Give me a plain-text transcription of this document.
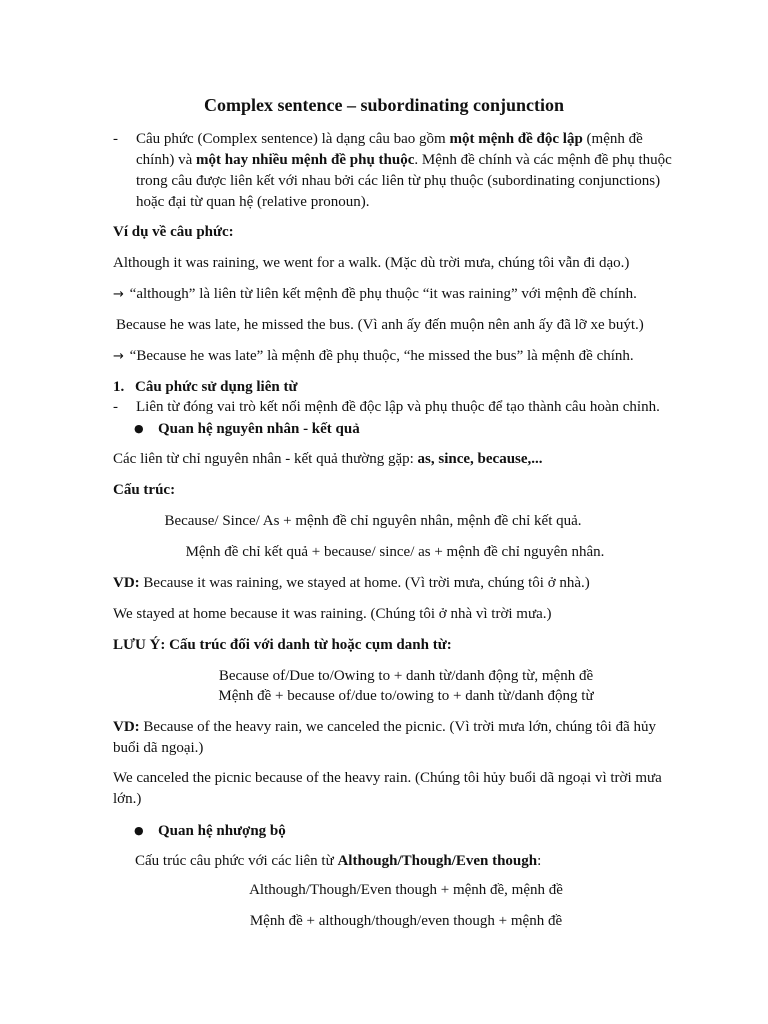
Complex sentence – subordinating conjunction
- Câu phức (Complex sentence) là dạng câu bao gồm một mệnh đề độc lập (mệnh đề chính) và một hay nhiều mệnh đề phụ thuộc. Mệnh đề chính và các mệnh đề phụ thuộc trong câu được liên kết với nhau bởi các liên từ phụ thuộc (subordinating conjunctions) hoặc đại từ quan hệ (relative pronoun).
Ví dụ về câu phức:
Although it was raining, we went for a walk. (Mặc dù trời mưa, chúng tôi vẫn đi dạo.)
→ “although” là liên từ liên kết mệnh đề phụ thuộc “it was raining” với mệnh đề chính.
Because he was late, he missed the bus. (Vì anh ấy đến muộn nên anh ấy đã lỡ xe buýt.)
→ “Because he was late” là mệnh đề phụ thuộc, “he missed the bus” là mệnh đề chính.
1. Câu phức sử dụng liên từ
- Liên từ đóng vai trò kết nối mệnh đề độc lập và phụ thuộc để tạo thành câu hoàn chỉnh.
● Quan hệ nguyên nhân - kết quả
Các liên từ chỉ nguyên nhân - kết quả thường gặp: as, since, because,...
Cấu trúc:
Because/ Since/ As + mệnh đề chỉ nguyên nhân, mệnh đề chỉ kết quả.
Mệnh đề chỉ kết quả + because/ since/ as + mệnh đề chỉ nguyên nhân.
VD: Because it was raining, we stayed at home. (Vì trời mưa, chúng tôi ở nhà.)
We stayed at home because it was raining. (Chúng tôi ở nhà vì trời mưa.)
LƯU Ý: Cấu trúc đối với danh từ hoặc cụm danh từ:
Because of/Due to/Owing to + danh từ/danh động từ, mệnh đề
Mệnh đề + because of/due to/owing to + danh từ/danh động từ
VD: Because of the heavy rain, we canceled the picnic. (Vì trời mưa lớn, chúng tôi đã hủy buổi dã ngoại.)
We canceled the picnic because of the heavy rain. (Chúng tôi hủy buổi dã ngoại vì trời mưa lớn.)
● Quan hệ nhượng bộ
Cấu trúc câu phức với các liên từ Although/Though/Even though:
Although/Though/Even though + mệnh đề, mệnh đề
Mệnh đề + although/though/even though + mệnh đề
